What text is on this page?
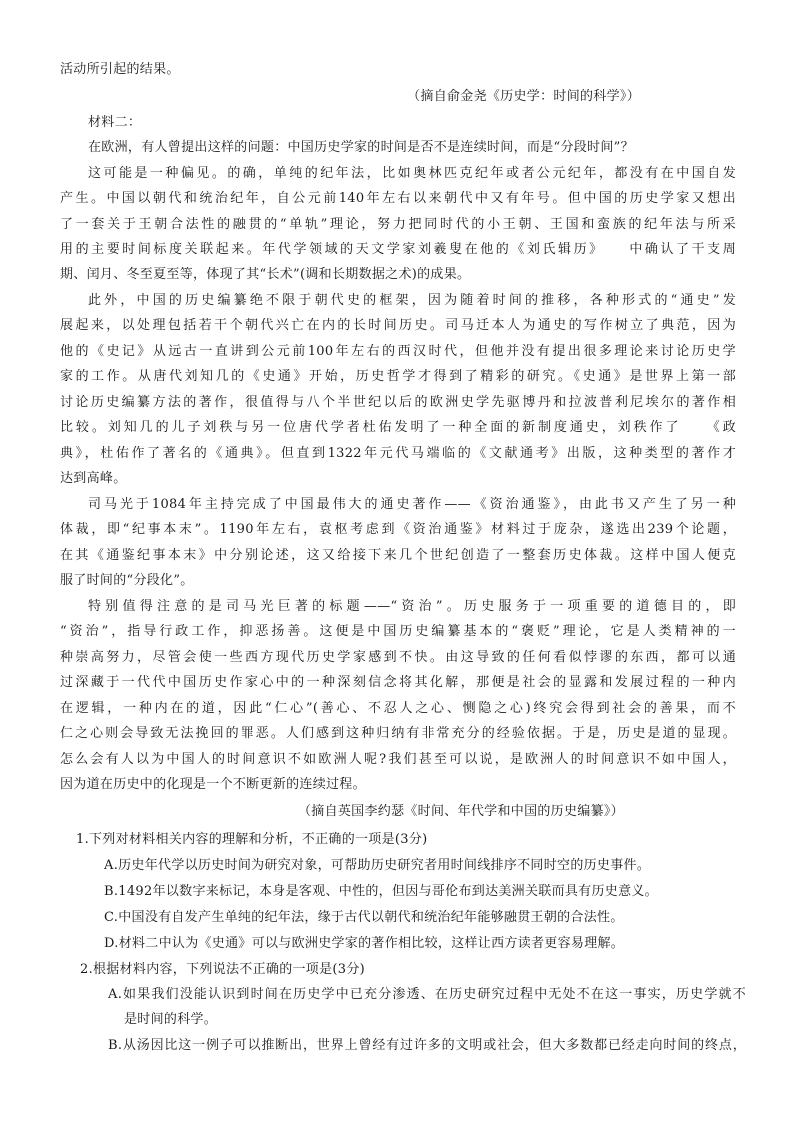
活动所引起的结果。
（摘自俞金尧《历史学：时间的科学》）
材料二：
在欧洲，有人曾提出这样的问题：中国历史学家的时间是否不是连续时间，而是“分段时间”？
这可能是一种偏见。的确，单纯的纪年法，比如奥林匹克纪年或者公元纪年，都没有在中国自发
产生。中国以朝代和统治纪年，自公元前140年左右以来朝代中又有年号。但中国的历史学家又想出
了一套关于王朝合法性的融贯的“单轨”理论，努力把同时代的小王朝、王国和蛮族的纪年法与所采
用的主要时间标度关联起来。年代学领域的天文学家刘羲叟在他的《刘氏辑历》　　中确认了干支周
期、闰月、冬至夏至等，体现了其“长术”(调和长期数据之术)的成果。
此外，中国的历史编纂绝不限于朝代史的框架，因为随着时间的推移，各种形式的“通史”发
展起来，以处理包括若干个朝代兴亡在内的长时间历史。司马迁本人为通史的写作树立了典范，因为
他的《史记》从远古一直讲到公元前100年左右的西汉时代，但他并没有提出很多理论来讨论历史学
家的工作。从唐代刘知几的《史通》开始，历史哲学才得到了精彩的研究。《史通》是世界上第一部
讨论历史编纂方法的著作，很值得与八个半世纪以后的欧洲史学先驱博丹和拉波普利尼埃尔的著作相
比较。刘知几的儿子刘秩与另一位唐代学者杜佑发明了一种全面的新制度通史，刘秩作了　　《政
典》，杜佑作了著名的《通典》。但直到1322年元代马端临的《文献通考》出版，这种类型的著作才
达到高峰。
司马光于1084年主持完成了中国最伟大的通史著作——《资治通鉴》，由此书又产生了另一种
体裁，即“纪事本末”。1190年左右，袁枢考虑到《资治通鉴》材料过于庞杂，遂选出239个论题，
在其《通鉴纪事本末》中分别论述，这又给接下来几个世纪创造了一整套历史体裁。这样中国人便克
服了时间的“分段化”。
特别值得注意的是司马光巨著的标题——“资治”。历史服务于一项重要的道德目的，即
“资治”，指导行政工作，抑恶扬善。这便是中国历史编纂基本的“褒贬”理论，它是人类精神的一
种崇高努力，尽管会使一些西方现代历史学家感到不快。由这导致的任何看似悖谬的东西，都可以通
过深藏于一代代中国历史作家心中的一种深刻信念将其化解，那便是社会的显露和发展过程的一种内
在逻辑，一种内在的道，因此“仁心”(善心、不忍人之心、恻隐之心)终究会得到社会的善果，而不
仁之心则会导致无法挽回的罪恶。人们感到这种归纳有非常充分的经验依据。于是，历史是道的显现。
怎么会有人以为中国人的时间意识不如欧洲人呢?我们甚至可以说，是欧洲人的时间意识不如中国人，
因为道在历史中的化现是一个不断更新的连续过程。
（摘自英国李约瑟《时间、年代学和中国的历史编纂》）
1.下列对材料相关内容的理解和分析，不正确的一项是(3分)
A.历史年代学以历史时间为研究对象，可帮助历史研究者用时间线排序不同时空的历史事件。
B.1492年以数字来标记，本身是客观、中性的，但因与哥伦布到达美洲关联而具有历史意义。
C.中国没有自发产生单纯的纪年法，缘于古代以朝代和统治纪年能够融贯王朝的合法性。
D.材料二中认为《史通》可以与欧洲史学家的著作相比较，这样让西方读者更容易理解。
2.根据材料内容，下列说法不正确的一项是(3分)
A.如果我们没能认识到时间在历史学中已充分渗透、在历史研究过程中无处不在这一事实，历史学就不
是时间的科学。
B.从汤因比这一例子可以推断出，世界上曾经有过许多的文明或社会，但大多数都已经走向时间的终点，
